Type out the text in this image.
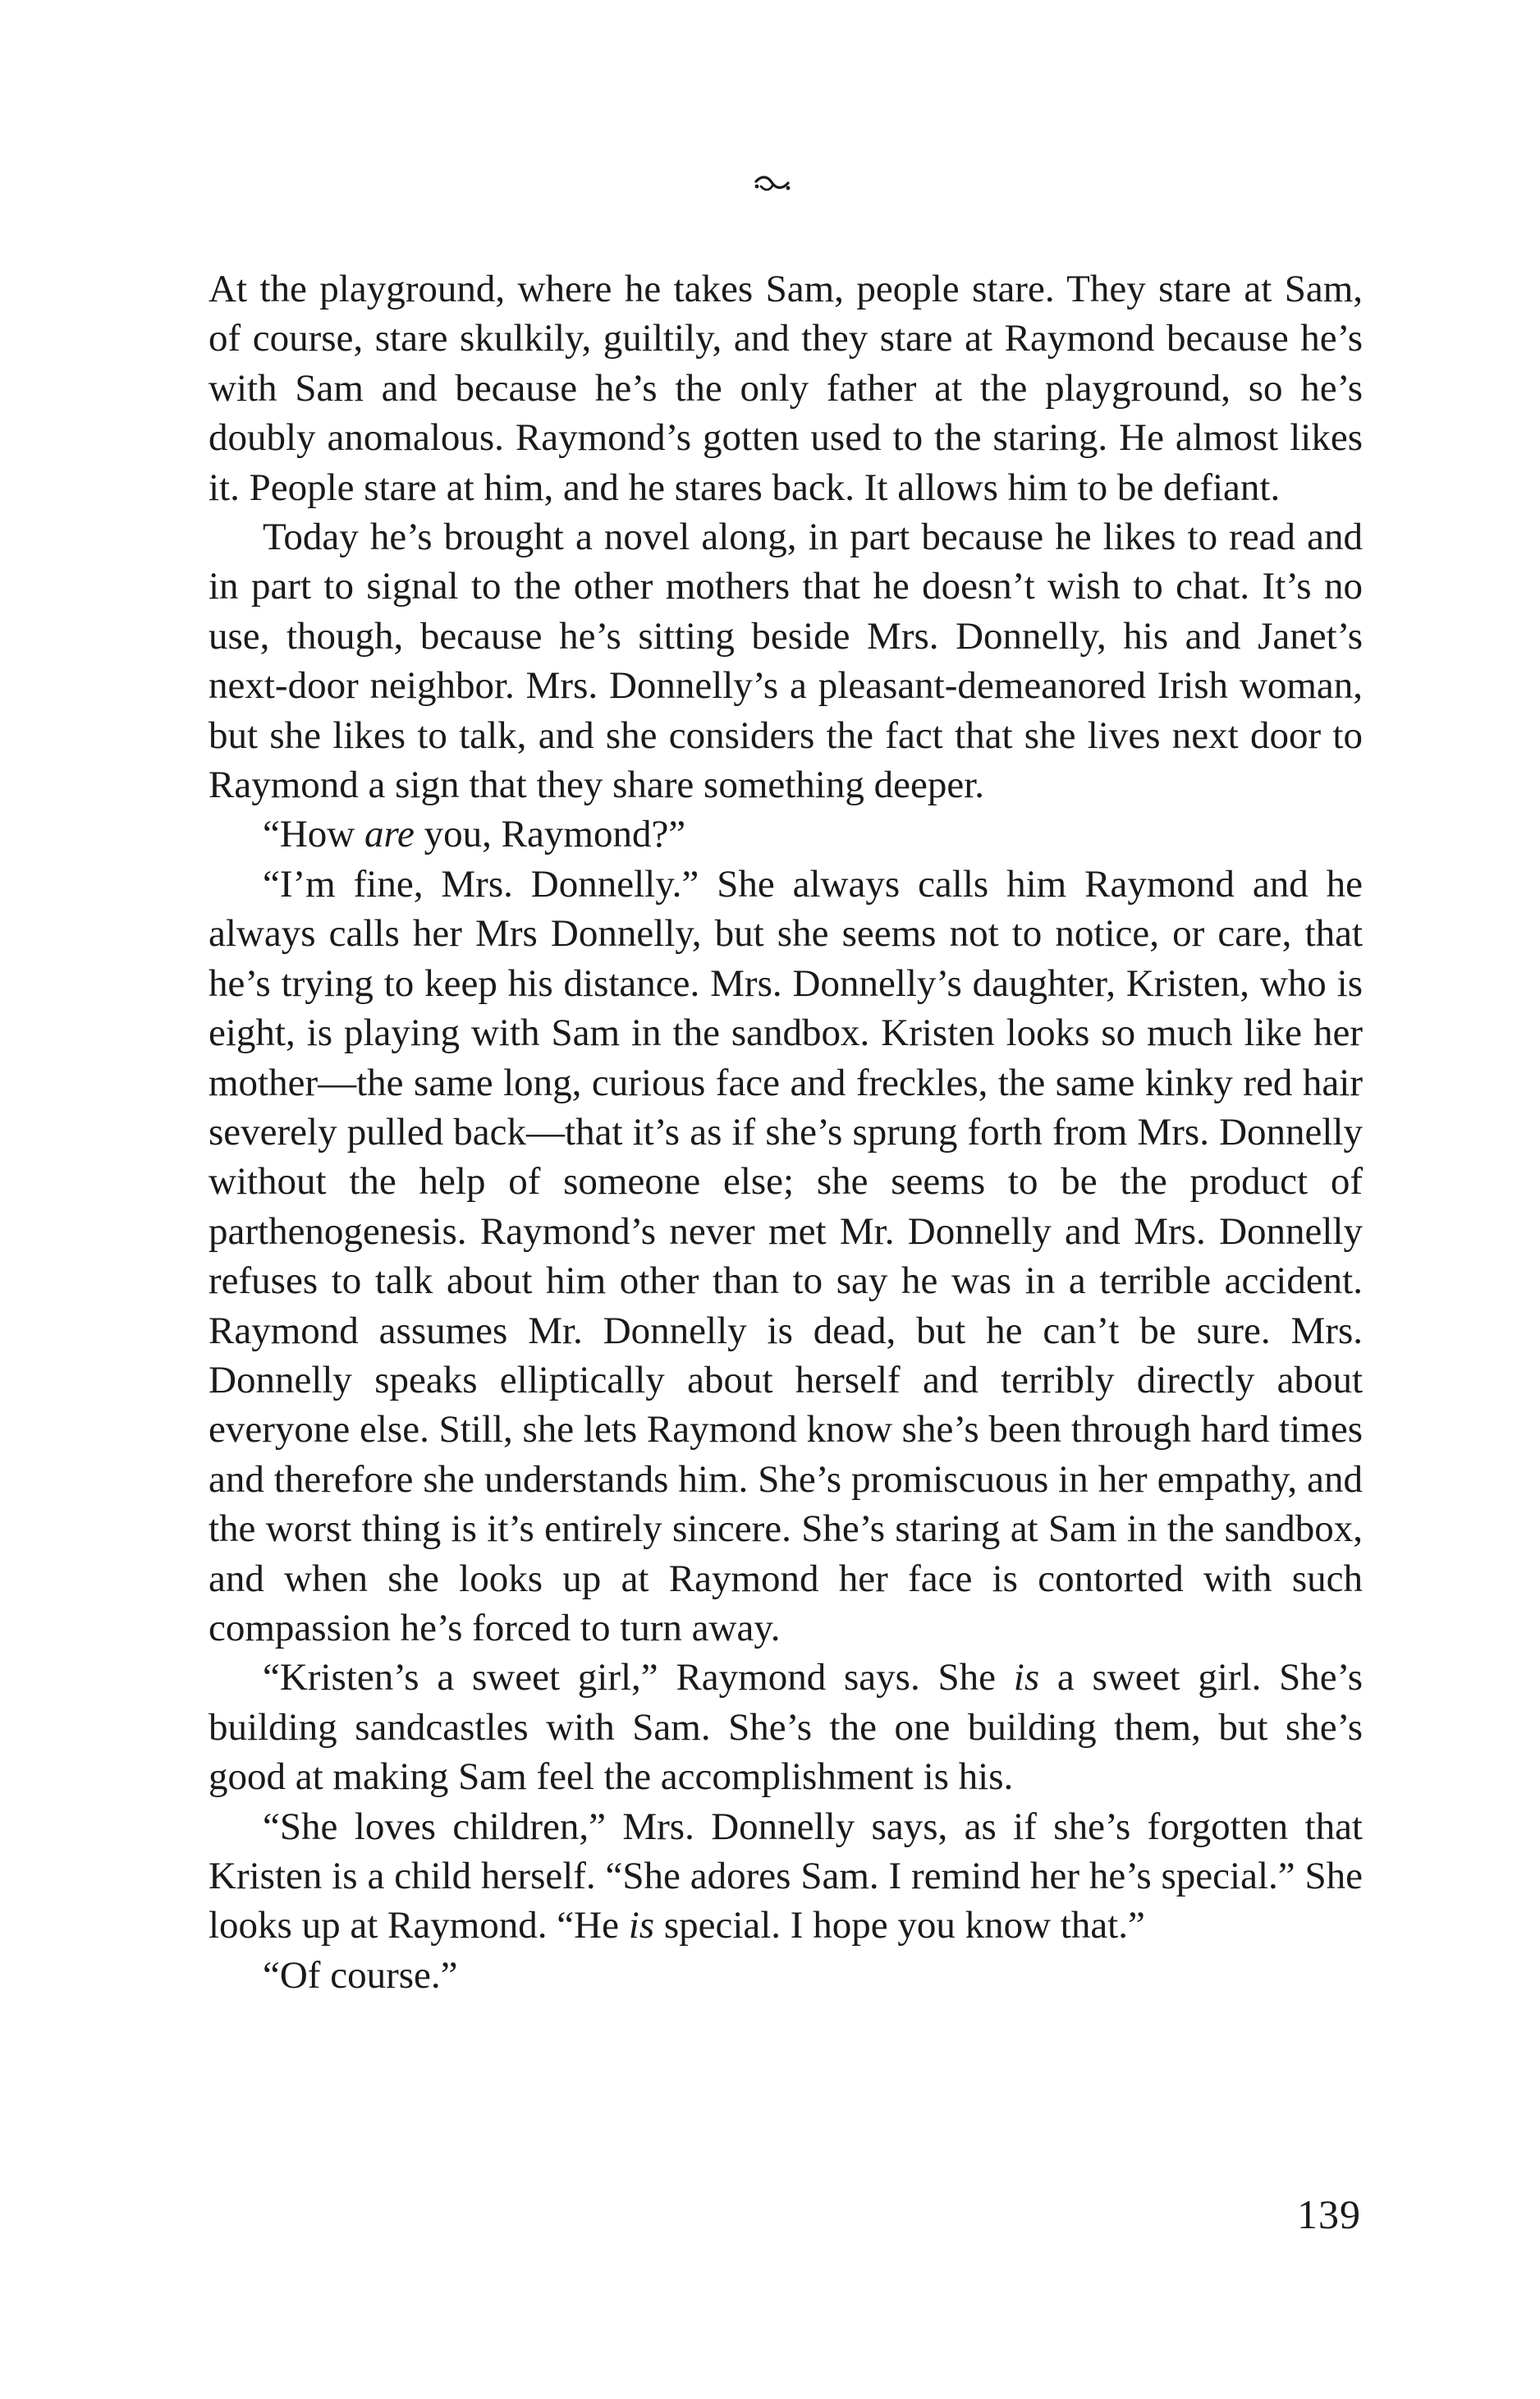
At the playground, where he takes Sam, people stare. They stare at Sam, of course, stare skulkily, guiltily, and they stare at Raymond because he’s with Sam and because he’s the only father at the playground, so he’s doubly anomalous. Raymond’s gotten used to the staring. He almost likes it. People stare at him, and he stares back. It allows him to be defiant.

Today he’s brought a novel along, in part because he likes to read and in part to signal to the other mothers that he doesn’t wish to chat. It’s no use, though, because he’s sitting beside Mrs. Donnelly, his and Janet’s next-door neighbor. Mrs. Donnelly’s a pleasant-demeanored Irish woman, but she likes to talk, and she considers the fact that she lives next door to Raymond a sign that they share something deeper.

“How are you, Raymond?”

“I’m fine, Mrs. Donnelly.” She always calls him Raymond and he always calls her Mrs Donnelly, but she seems not to notice, or care, that he’s trying to keep his distance. Mrs. Donnelly’s daughter, Kristen, who is eight, is playing with Sam in the sandbox. Kristen looks so much like her mother—the same long, curious face and freckles, the same kinky red hair severely pulled back—that it’s as if she’s sprung forth from Mrs. Donnelly without the help of someone else; she seems to be the product of parthenogenesis. Raymond’s never met Mr. Donnelly and Mrs. Donnelly refuses to talk about him other than to say he was in a terrible accident. Raymond assumes Mr. Donnelly is dead, but he can’t be sure. Mrs. Donnelly speaks elliptically about herself and terribly directly about everyone else. Still, she lets Raymond know she’s been through hard times and therefore she understands him. She’s promiscuous in her empathy, and the worst thing is it’s entirely sincere. She’s staring at Sam in the sandbox, and when she looks up at Raymond her face is contorted with such compassion he’s forced to turn away.

“Kristen’s a sweet girl,” Raymond says. She is a sweet girl. She’s building sandcastles with Sam. She’s the one building them, but she’s good at making Sam feel the accomplishment is his.

“She loves children,” Mrs. Donnelly says, as if she’s forgotten that Kristen is a child herself. “She adores Sam. I remind her he’s special.” She looks up at Raymond. “He is special. I hope you know that.”

“Of course.”

139
